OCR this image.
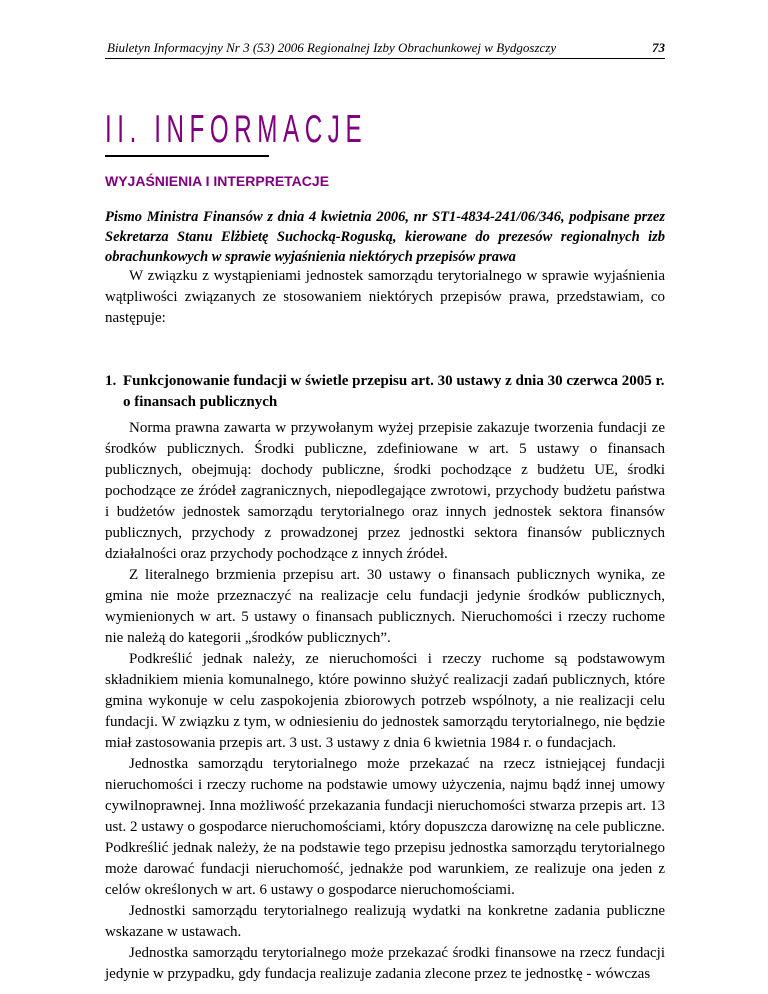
Biuletyn Informacyjny Nr 3 (53) 2006 Regionalnej Izby Obrachunkowej w Bydgoszczy	73
II. INFORMACJE
WYJAŚNIENIA I INTERPRETACJE
Pismo Ministra Finansów z dnia 4 kwietnia 2006, nr ST1-4834-241/06/346, podpisane przez Sekretarza Stanu Elżbietę Suchocką-Roguską, kierowane do prezesów regionalnych izb obrachunkowych w sprawie wyjaśnienia niektórych przepisów prawa

W związku z wystąpieniami jednostek samorządu terytorialnego w sprawie wyjaśnienia wątpliwości związanych ze stosowaniem niektórych przepisów prawa, przedstawiam, co następuje:

1. Funkcjonowanie fundacji w świetle przepisu art. 30 ustawy z dnia 30 czerwca 2005 r.
o finansach publicznych

Norma prawna zawarta w przywołanym wyżej przepisie zakazuje tworzenia fundacji ze środków publicznych. Środki publiczne, zdefiniowane w art. 5 ustawy o finansach publicznych, obejmują: dochody publiczne, środki pochodzące z budżetu UE, środki pochodzące ze źródeł zagranicznych, niepodlegające zwrotowi, przychody budżetu państwa i budżetów jednostek samorządu terytorialnego oraz innych jednostek sektora finansów publicznych, przychody z prowadzonej przez jednostki sektora finansów publicznych działalności oraz przychody pochodzące z innych źródeł.

Z literalnego brzmienia przepisu art. 30 ustawy o finansach publicznych wynika, ze gmina nie może przeznaczyć na realizacje celu fundacji jedynie środków publicznych, wymienionych w art. 5 ustawy o finansach publicznych. Nieruchomości i rzeczy ruchome nie należą do kategorii „środków publicznych”.

Podkreślić jednak należy, ze nieruchomości i rzeczy ruchome są podstawowym składnikiem mienia komunalnego, które powinno służyć realizacji zadań publicznych, które gmina wykonuje w celu zaspokojenia zbiorowych potrzeb wspólnoty, a nie realizacji celu fundacji. W związku z tym, w odniesieniu do jednostek samorządu terytorialnego, nie będzie miał zastosowania przepis art. 3 ust. 3 ustawy z dnia 6 kwietnia 1984 r. o fundacjach.

Jednostka samorządu terytorialnego może przekazać na rzecz istniejącej fundacji nieruchomości i rzeczy ruchome na podstawie umowy użyczenia, najmu bądź innej umowy cywilnoprawnej. Inna możliwość przekazania fundacji nieruchomości stwarza przepis art. 13 ust. 2 ustawy o gospodarce nieruchomościami, który dopuszcza darowiznę na cele publiczne. Podkreślić jednak należy, że na podstawie tego przepisu jednostka samorządu terytorialnego może darować fundacji nieruchomość, jednakże pod warunkiem, ze realizuje ona jeden z celów określonych w art. 6 ustawy o gospodarce nieruchomościami.

Jednostki samorządu terytorialnego realizują wydatki na konkretne zadania publiczne wskazane w ustawach.

Jednostka samorządu terytorialnego może przekazać środki finansowe na rzecz fundacji jedynie w przypadku, gdy fundacja realizuje zadania zlecone przez te jednostkę - wówczas
